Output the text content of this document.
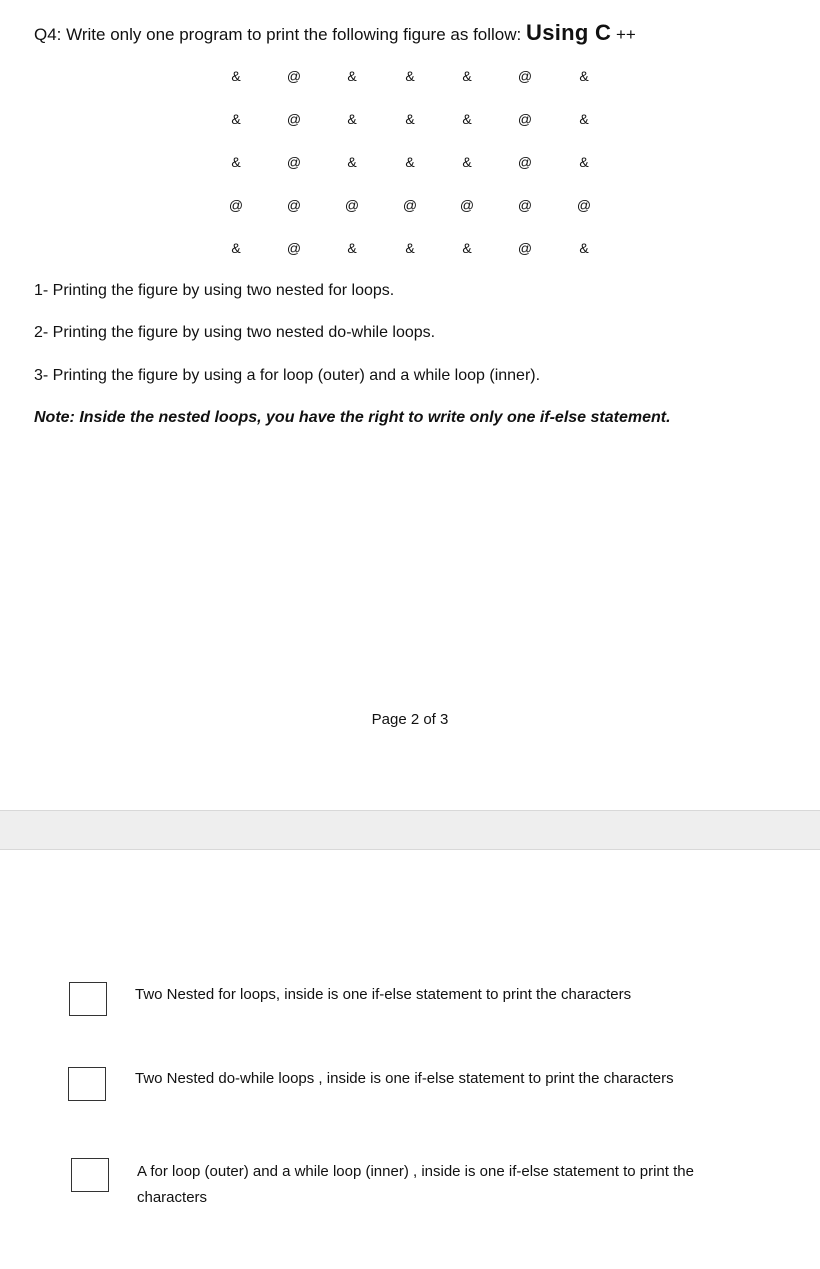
Q4: Write only one program to print the following figure as follow: Using C ++
&	@	&	&	&	@	&
&	@	&	&	&	@	&
&	@	&	&	&	@	&
@	@	@	@	@	@	@
&	@	&	&	&	@	&
1- Printing the figure by using two nested for loops.
2- Printing the figure by using two nested do-while loops.
3- Printing the figure by using a for loop (outer) and a while loop (inner).
Note: Inside the nested loops, you have the right to write only one if-else statement.
Page 2 of 3
Two Nested for loops, inside is one if-else statement to print the characters
Two Nested do-while loops , inside is one if-else statement to print the characters
A for loop (outer) and a while loop (inner) , inside is one if-else statement to print the
characters
